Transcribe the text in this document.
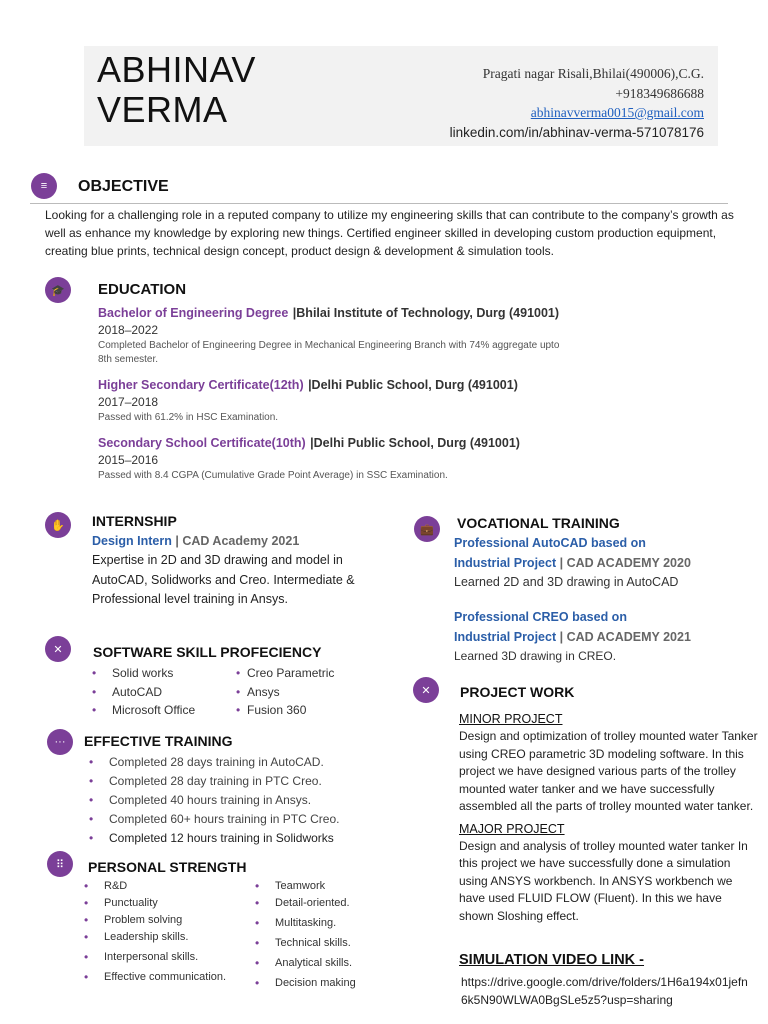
ABHINAV
VERMA
Pragati nagar Risali,Bhilai(490006),C.G.
+918349686688
abhinavverma0015@gmail.com
linkedin.com/in/abhinav-verma-571078176
≡	OBJECTIVE
Looking for a challenging role in a reputed company to utilize my engineering skills that can contribute to the company’s growth as well as enhance my knowledge by exploring new things. Certified engineer skilled in developing custom production equipment, creating blue prints, technical design concept, product design & development & simulation tools.
🎓	EDUCATION
Bachelor of Engineering Degree |Bhilai Institute of Technology, Durg (491001)
2018–2022
Completed Bachelor of Engineering Degree in Mechanical Engineering Branch with 74% aggregate upto
8th semester.
Higher Secondary Certificate(12th) |Delhi Public School, Durg (491001)
2017–2018
Passed with 61.2% in HSC Examination.
Secondary School Certificate(10th) |Delhi Public School, Durg (491001)
2015–2016
Passed with 8.4 CGPA (Cumulative Grade Point Average) in SSC Examination.
✋	INTERNSHIP
Design Intern | CAD Academy 2021
Expertise in 2D and 3D drawing and model in AutoCAD, Solidworks and Creo. Intermediate & Professional level training in Ansys.
💼	VOCATIONAL TRAINING
Professional AutoCAD based on
Industrial Project | CAD ACADEMY 2020
Learned 2D and 3D drawing in AutoCAD
Professional CREO based on
Industrial Project | CAD ACADEMY 2021
Learned 3D drawing in CREO.
✕	SOFTWARE SKILL PROFECIENCY
• Solid works
• AutoCAD
• Microsoft Office
• Creo Parametric
• Ansys
• Fusion 360
···	EFFECTIVE TRAINING
• Completed 28 days training in AutoCAD.
• Completed 28 day training in PTC Creo.
• Completed 40 hours training in Ansys.
• Completed 60+ hours training in PTC Creo.
• Completed 12 hours training in Solidworks
⠿	PERSONAL STRENGTH
• R&D
• Punctuality
• Problem solving
• Leadership skills.
• Interpersonal skills.
• Effective communication.
• Teamwork
• Detail-oriented.
• Multitasking.
• Technical skills.
• Analytical skills.
• Decision making
✕	PROJECT WORK
MINOR PROJECT
Design and optimization of trolley mounted water Tanker using CREO parametric 3D modeling software. In this project we have designed various parts of the trolley mounted water tanker and we have successfully assembled all the parts of trolley mounted water tanker.
MAJOR PROJECT
Design and analysis of trolley mounted water tanker In this project we have successfully done a simulation using ANSYS workbench. In ANSYS workbench we have used FLUID FLOW (Fluent). In this we have shown Sloshing effect.
SIMULATION VIDEO LINK -
https://drive.google.com/drive/folders/1H6a194x01jefn6k5N90WLWA0BgSLe5z5?usp=sharing
